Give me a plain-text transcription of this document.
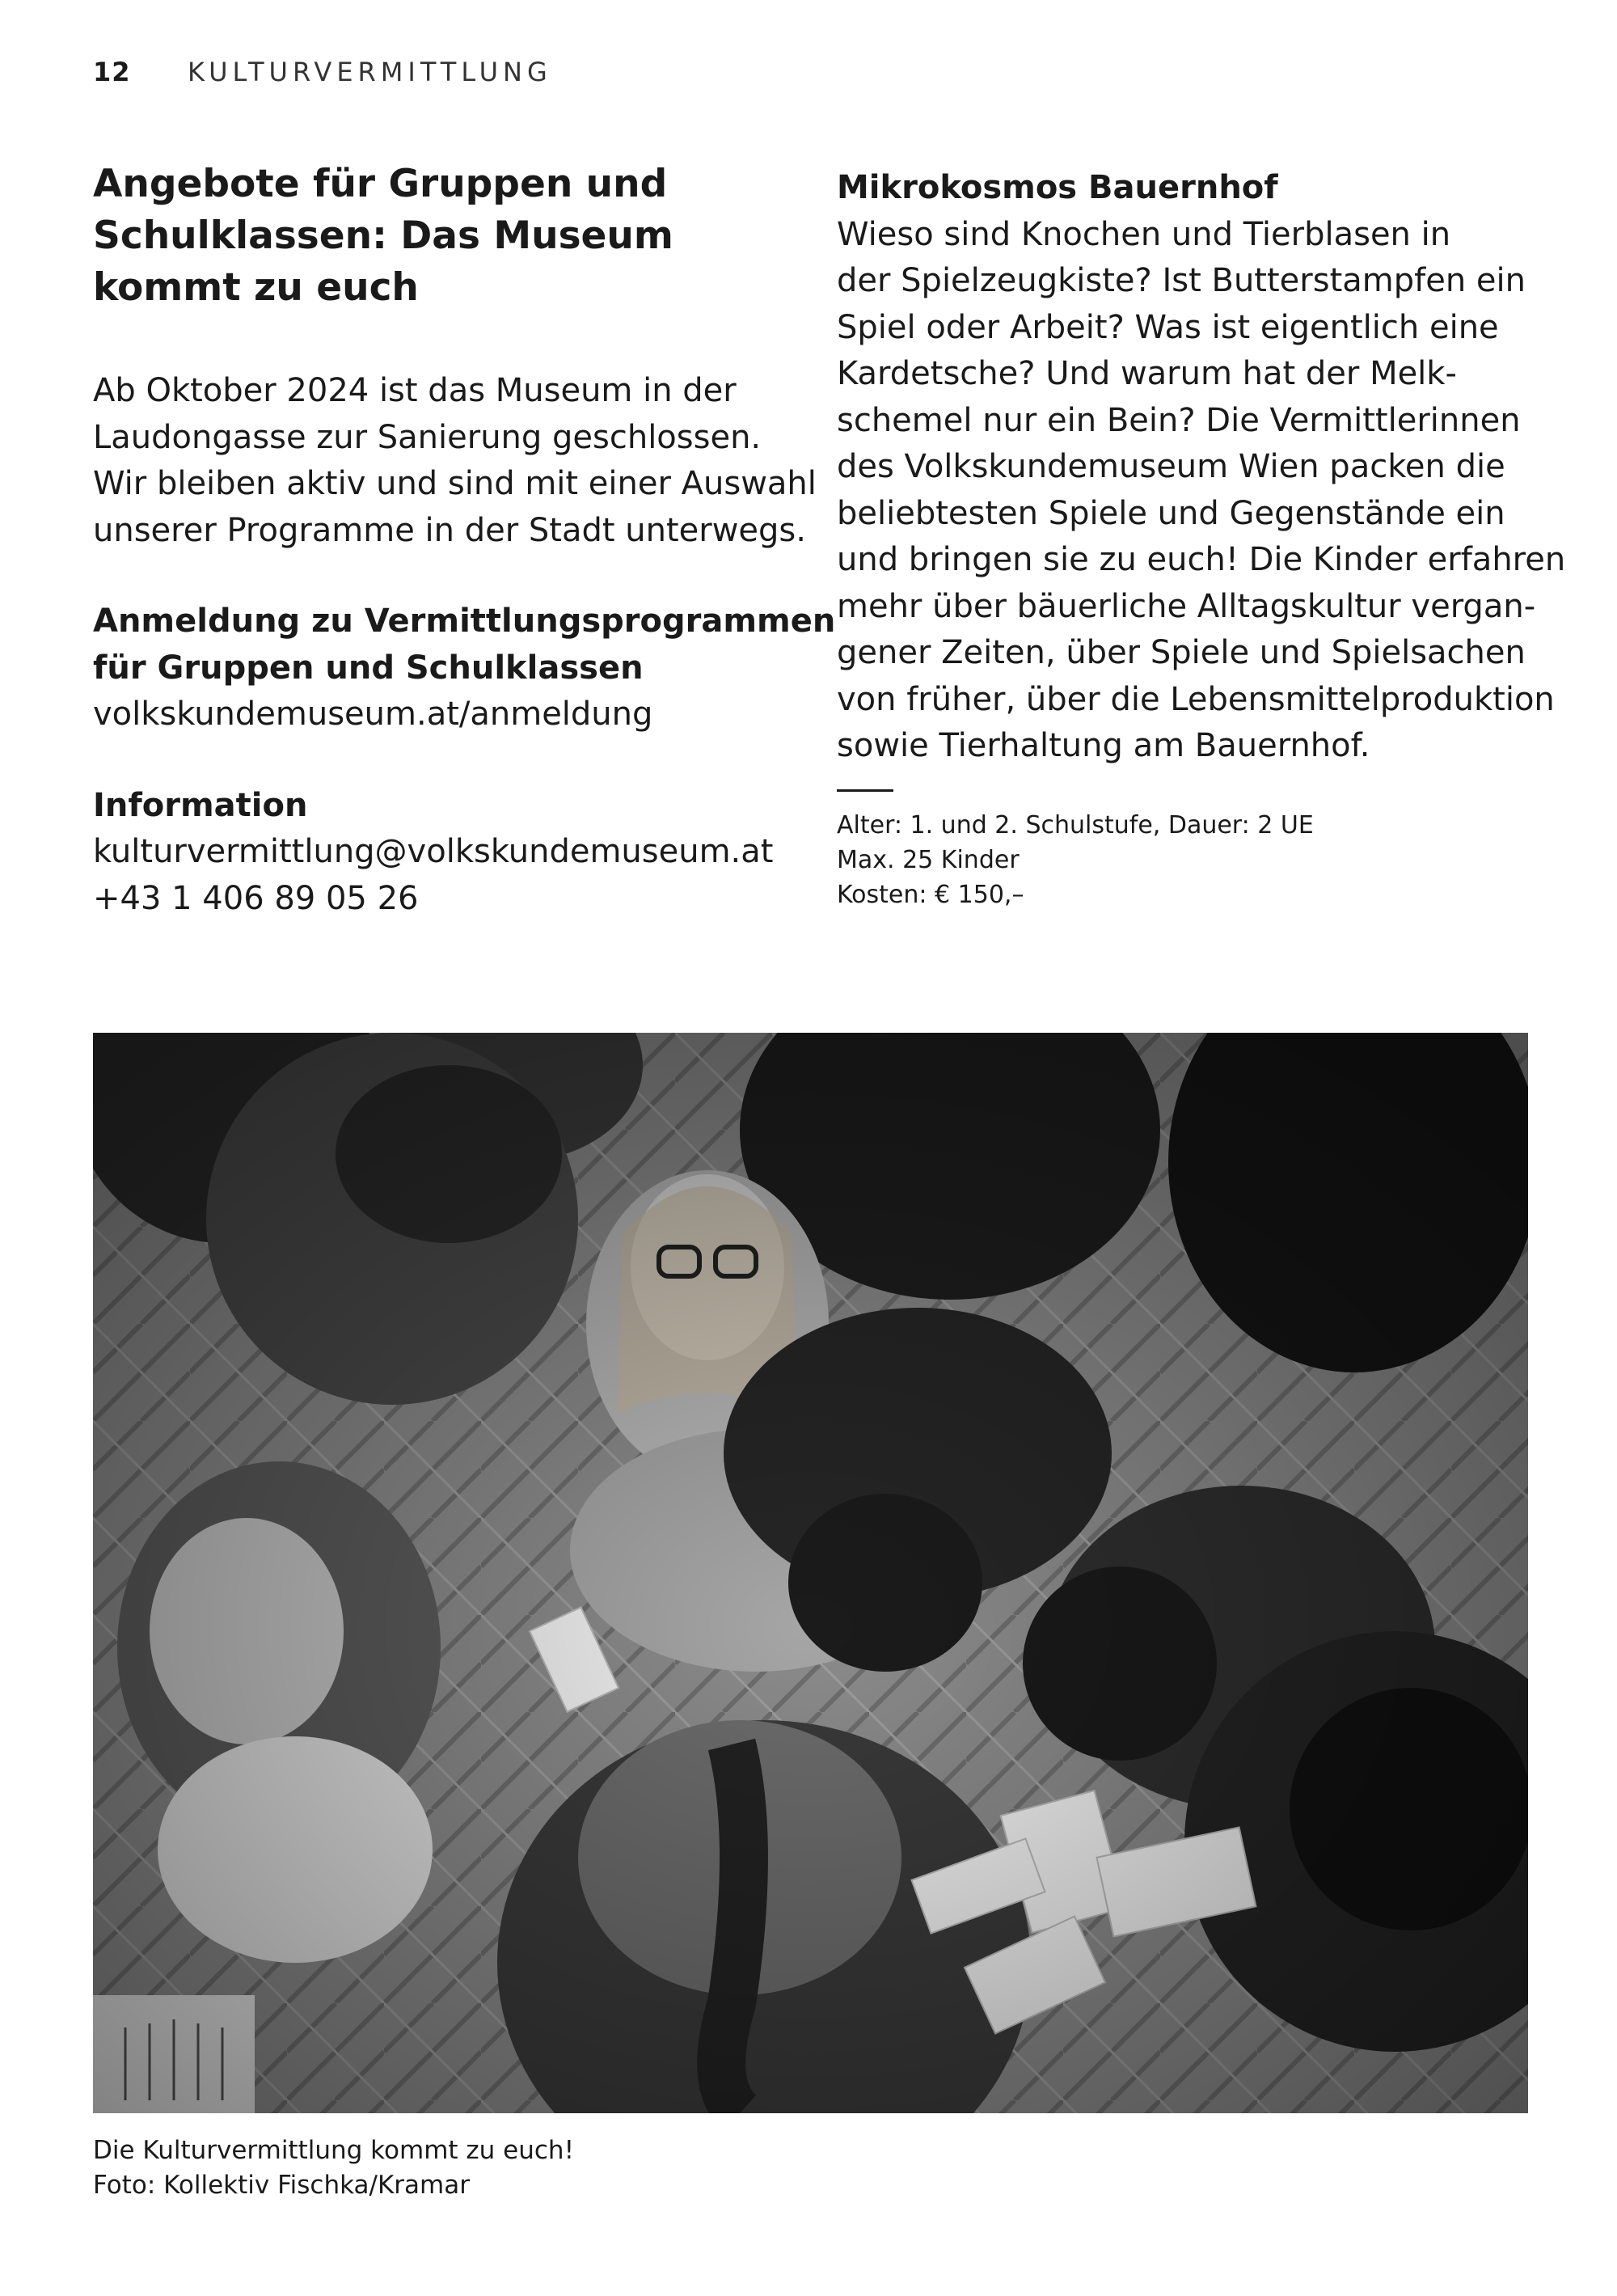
12 KULTURVERMITTLUNG
Angebote für Gruppen und
Schulklassen: Das Museum
kommt zu euch

Ab Oktober 2024 ist das Museum in der
Laudongasse zur Sanierung geschlossen.
Wir bleiben aktiv und sind mit einer Auswahl
unserer Programme in der Stadt unterwegs.

Anmeldung zu Vermittlungsprogrammen
für Gruppen und Schulklassen
volkskundemuseum.at/anmeldung
Information
kulturvermittlung@volkskundemuseum.at
+43 1 406 89 05 26
Mikrokosmos Bauernhof

Wieso sind Knochen und Tierblasen in
der Spielzeugkiste? Ist Butterstampfen ein
Spiel oder Arbeit? Was ist eigentlich eine
Kardetsche? Und warum hat der Melk-
schemel nur ein Bein? Die Vermittlerinnen
des Volkskundemuseum Wien packen die
beliebtesten Spiele und Gegenstände ein
und bringen sie zu euch! Die Kinder erfahren
mehr über bäuerliche Alltagskultur vergan-
gener Zeiten, über Spiele und Spielsachen
von früher, über die Lebensmittelproduktion
sowie Tierhaltung am Bauernhof.

Alter: 1. und 2. Schulstufe, Dauer: 2 UE
Max. 25 Kinder
Kosten: € 150,–
Die Kulturvermittlung kommt zu euch!
Foto: Kollektiv Fischka/Kramar
